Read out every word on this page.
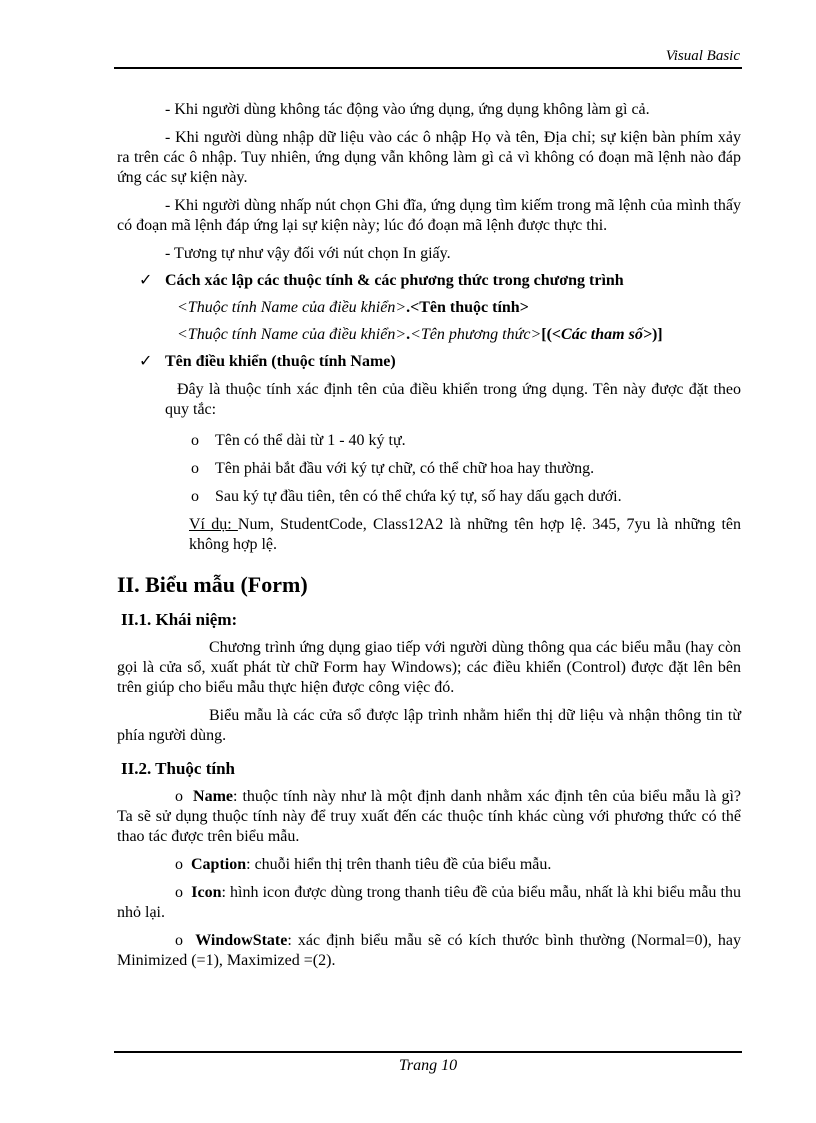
Visual Basic

- Khi người dùng không tác động vào ứng dụng, ứng dụng không làm gì cả.

- Khi người dùng nhập dữ liệu vào các ô nhập Họ và tên, Địa chỉ; sự kiện bàn phím xảy ra trên các ô nhập. Tuy nhiên, ứng dụng vẫn không làm gì cả vì không có đoạn mã lệnh nào đáp ứng các sự kiện này.

- Khi người dùng nhấp nút chọn Ghi đĩa, ứng dụng tìm kiếm trong mã lệnh của mình thấy có đoạn mã lệnh đáp ứng lại sự kiện này; lúc đó đoạn mã lệnh được thực thi.

- Tương tự như vậy đối với nút chọn In giấy.

✓ Cách xác lập các thuộc tính & các phương thức trong chương trình

<Thuộc tính Name của điều khiển>.<Tên thuộc tính>

<Thuộc tính Name của điều khiển>.<Tên phương thức>[(<Các tham số>)]

✓ Tên điều khiển (thuộc tính Name)

Đây là thuộc tính xác định tên của điều khiển trong ứng dụng. Tên này được đặt theo quy tắc:

o Tên có thể dài từ 1 - 40 ký tự.

o Tên phải bắt đầu với ký tự chữ, có thể chữ hoa hay thường.

o Sau ký tự đầu tiên, tên có thể chứa ký tự, số hay dấu gạch dưới.

Ví dụ: Num, StudentCode, Class12A2 là những tên hợp lệ. 345, 7yu là những tên không hợp lệ.

II. Biểu mẫu (Form)

II.1. Khái niệm:

Chương trình ứng dụng giao tiếp với người dùng thông qua các biểu mẫu (hay còn gọi là cửa sổ, xuất phát từ chữ Form hay Windows); các điều khiển (Control) được đặt lên bên trên giúp cho biểu mẫu thực hiện được công việc đó.

Biểu mẫu là các cửa sổ được lập trình nhằm hiển thị dữ liệu và nhận thông tin từ phía người dùng.

II.2. Thuộc tính

o Name: thuộc tính này như là một định danh nhằm xác định tên của biểu mẫu là gì? Ta sẽ sử dụng thuộc tính này để truy xuất đến các thuộc tính khác cùng với phương thức có thể thao tác được trên biểu mẫu.

o Caption: chuỗi hiển thị trên thanh tiêu đề của biểu mẫu.

o Icon: hình icon được dùng trong thanh tiêu đề của biểu mẫu, nhất là khi biểu mẫu thu nhỏ lại.

o WindowState: xác định biểu mẫu sẽ có kích thước bình thường (Normal=0), hay Minimized (=1), Maximized =(2).

Trang 10
